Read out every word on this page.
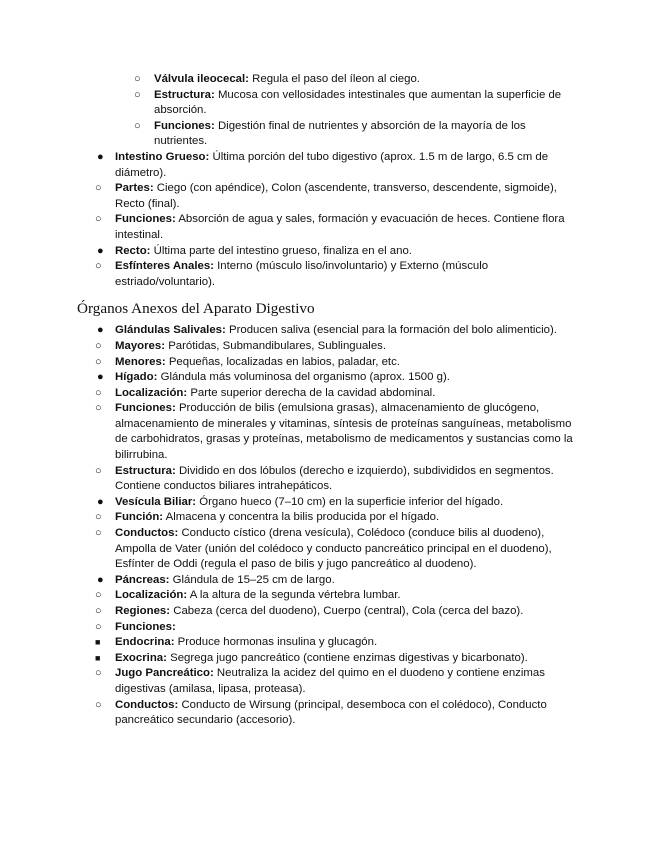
○ Válvula ileocecal: Regula el paso del íleon al ciego.
○ Estructura: Mucosa con vellosidades intestinales que aumentan la superficie de absorción.
○ Funciones: Digestión final de nutrientes y absorción de la mayoría de los nutrientes.
● Intestino Grueso: Última porción del tubo digestivo (aprox. 1.5 m de largo, 6.5 cm de diámetro).
○ Partes: Ciego (con apéndice), Colon (ascendente, transverso, descendente, sigmoide), Recto (final).
○ Funciones: Absorción de agua y sales, formación y evacuación de heces. Contiene flora intestinal.
● Recto: Última parte del intestino grueso, finaliza en el ano.
○ Esfínteres Anales: Interno (músculo liso/involuntario) y Externo (músculo estriado/voluntario).
Órganos Anexos del Aparato Digestivo
● Glándulas Salivales: Producen saliva (esencial para la formación del bolo alimenticio).
○ Mayores: Parótidas, Submandibulares, Sublinguales.
○ Menores: Pequeñas, localizadas en labios, paladar, etc.
● Hígado: Glándula más voluminosa del organismo (aprox. 1500 g).
○ Localización: Parte superior derecha de la cavidad abdominal.
○ Funciones: Producción de bilis (emulsiona grasas), almacenamiento de glucógeno, almacenamiento de minerales y vitaminas, síntesis de proteínas sanguíneas, metabolismo de carbohidratos, grasas y proteínas, metabolismo de medicamentos y sustancias como la bilirrubina.
○ Estructura: Dividido en dos lóbulos (derecho e izquierdo), subdivididos en segmentos. Contiene conductos biliares intrahepáticos.
● Vesícula Biliar: Órgano hueco (7–10 cm) en la superficie inferior del hígado.
○ Función: Almacena y concentra la bilis producida por el hígado.
○ Conductos: Conducto cístico (drena vesícula), Colédoco (conduce bilis al duodeno), Ampolla de Vater (unión del colédoco y conducto pancreático principal en el duodeno), Esfínter de Oddi (regula el paso de bilis y jugo pancreático al duodeno).
● Páncreas: Glándula de 15–25 cm de largo.
○ Localización: A la altura de la segunda vértebra lumbar.
○ Regiones: Cabeza (cerca del duodeno), Cuerpo (central), Cola (cerca del bazo).
○ Funciones:
■ Endocrina: Produce hormonas insulina y glucagón.
■ Exocrina: Segrega jugo pancreático (contiene enzimas digestivas y bicarbonato).
○ Jugo Pancreático: Neutraliza la acidez del quimo en el duodeno y contiene enzimas digestivas (amilasa, lipasa, proteasa).
○ Conductos: Conducto de Wirsung (principal, desemboca con el colédoco), Conducto pancreático secundario (accesorio).
